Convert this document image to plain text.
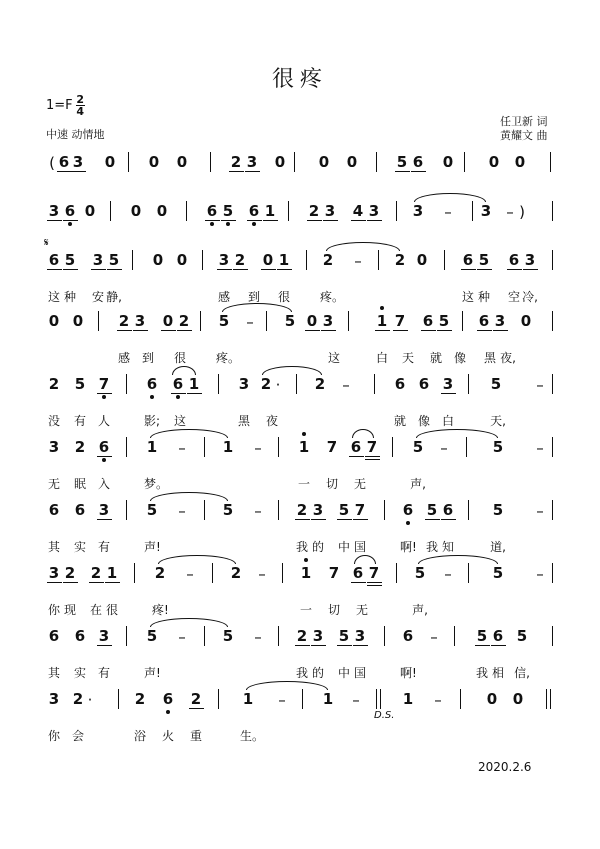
很疼
$1=F \frac{2}{4}$
中速 动情地
任卫新 词
黄耀文 曲
𝄋
D.S.
( 6 3 0 0 0	2 3 0 0 0	5 6 0 0 0
3 6 0 0 0	6 5 6 1 2 3 4 3 3 – 3 – )
6 5 3 5 0 0 3 2 0 1 2 – 2 0 6 5 6 3
这 种 安 静,	感 到 很	疼。	这 种 空 冷,
0 0 2 3 0 2 5 – 5 0 3	1 7 6 5 6 3 0
感 到 很	疼。	这	白 天 就 像 黑 夜,
2 5 7	6 6 1	3 2 · 2 –	6 6 3	5 –
没 有 人	影; 这	黑 夜	就 像 白	天,
3 2 6	1 – 1 – 1 7 6 7 5 –	5 –
无 眠 入	梦。	一 切 无	声,
6 6 3	5 – 5 – 2 3 5 7	6 5 6	5 –
其 实 有	声!	我 的 中 国	啊! 我 知	道,
3 2 2 1	2 – 2 – 1 7 6 7 5 –	5 –
你 现 在 很	疼!	一 切 无	声,
6 6 3	5 – 5 – 2 3 5 3	6 –	5 6 5
其 实 有	声!	我 的 中 国	啊!	我 相 信,
3 2 ·	2 6 2	1 – 1 –	1 –	0 0
你 会	浴 火 重	生。
2020.2.6
